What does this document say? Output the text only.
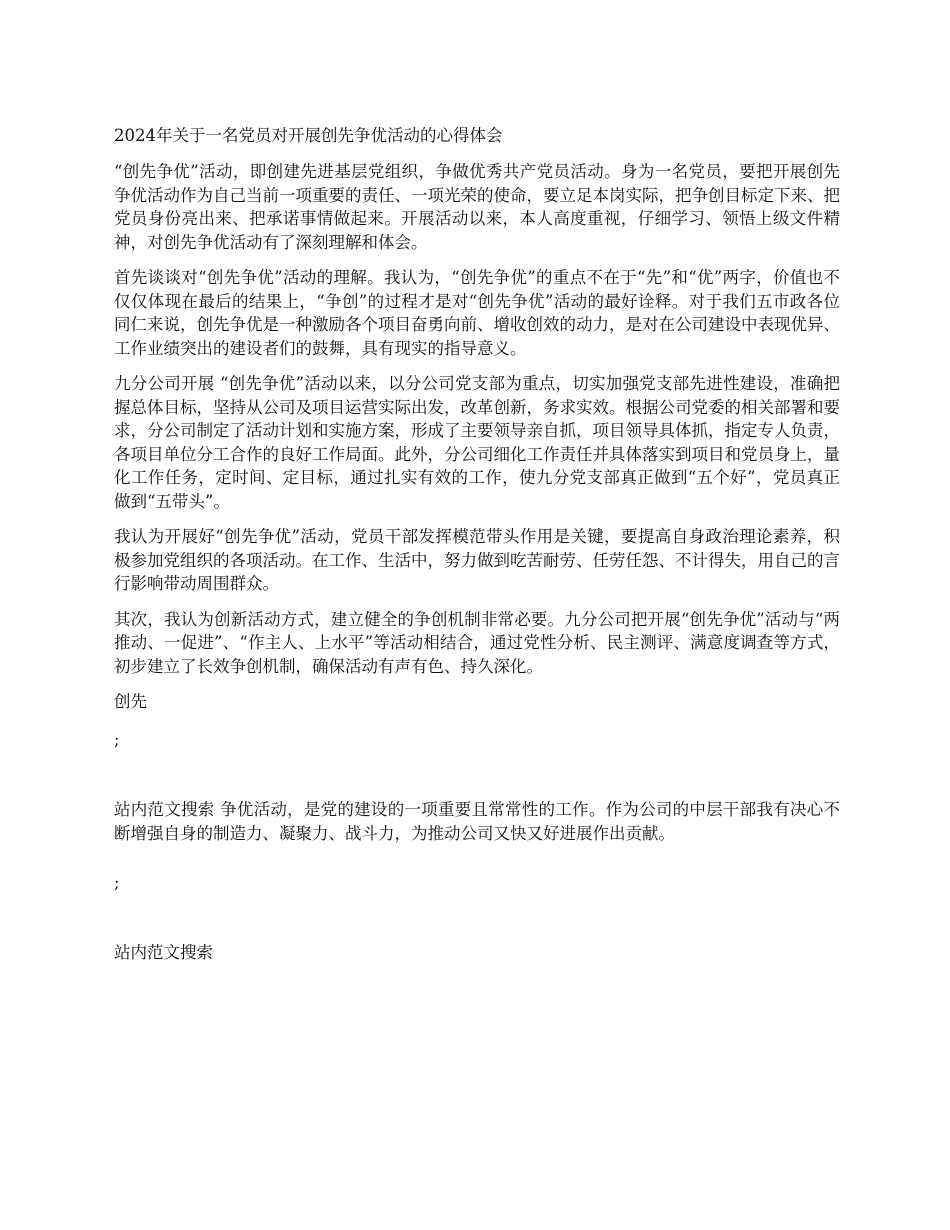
2024年关于一名党员对开展创先争优活动的心得体会

“创先争优”活动，即创建先进基层党组织，争做优秀共产党员活动。身为一名党员，要把开展创先争优活动作为自己当前一项重要的责任、一项光荣的使命，要立足本岗实际，把争创目标定下来、把党员身份亮出来、把承诺事情做起来。开展活动以来，本人高度重视，仔细学习、领悟上级文件精神，对创先争优活动有了深刻理解和体会。

首先谈谈对“创先争优”活动的理解。我认为，“创先争优”的重点不在于“先”和“优”两字，价值也不仅仅体现在最后的结果上，“争创”的过程才是对“创先争优”活动的最好诠释。对于我们五市政各位同仁来说，创先争优是一种激励各个项目奋勇向前、增收创效的动力，是对在公司建设中表现优异、工作业绩突出的建设者们的鼓舞，具有现实的指导意义。

九分公司开展 “创先争优”活动以来，以分公司党支部为重点，切实加强党支部先进性建设，准确把握总体目标，坚持从公司及项目运营实际出发，改革创新，务求实效。根据公司党委的相关部署和要求，分公司制定了活动计划和实施方案，形成了主要领导亲自抓，项目领导具体抓，指定专人负责，各项目单位分工合作的良好工作局面。此外，分公司细化工作责任并具体落实到项目和党员身上，量化工作任务，定时间、定目标，通过扎实有效的工作，使九分党支部真正做到“五个好”，党员真正做到“五带头”。

我认为开展好“创先争优”活动，党员干部发挥模范带头作用是关键，要提高自身政治理论素养，积极参加党组织的各项活动。在工作、生活中，努力做到吃苦耐劳、任劳任怨、不计得失，用自己的言行影响带动周围群众。

其次，我认为创新活动方式，建立健全的争创机制非常必要。九分公司把开展“创先争优”活动与“两推动、一促进”、“作主人、上水平”等活动相结合，通过党性分析、民主测评、满意度调查等方式，初步建立了长效争创机制，确保活动有声有色、持久深化。

创先

;

站内范文搜索 争优活动，是党的建设的一项重要且常常性的工作。作为公司的中层干部我有决心不断增强自身的制造力、凝聚力、战斗力，为推动公司又快又好进展作出贡献。

;

站内范文搜索
